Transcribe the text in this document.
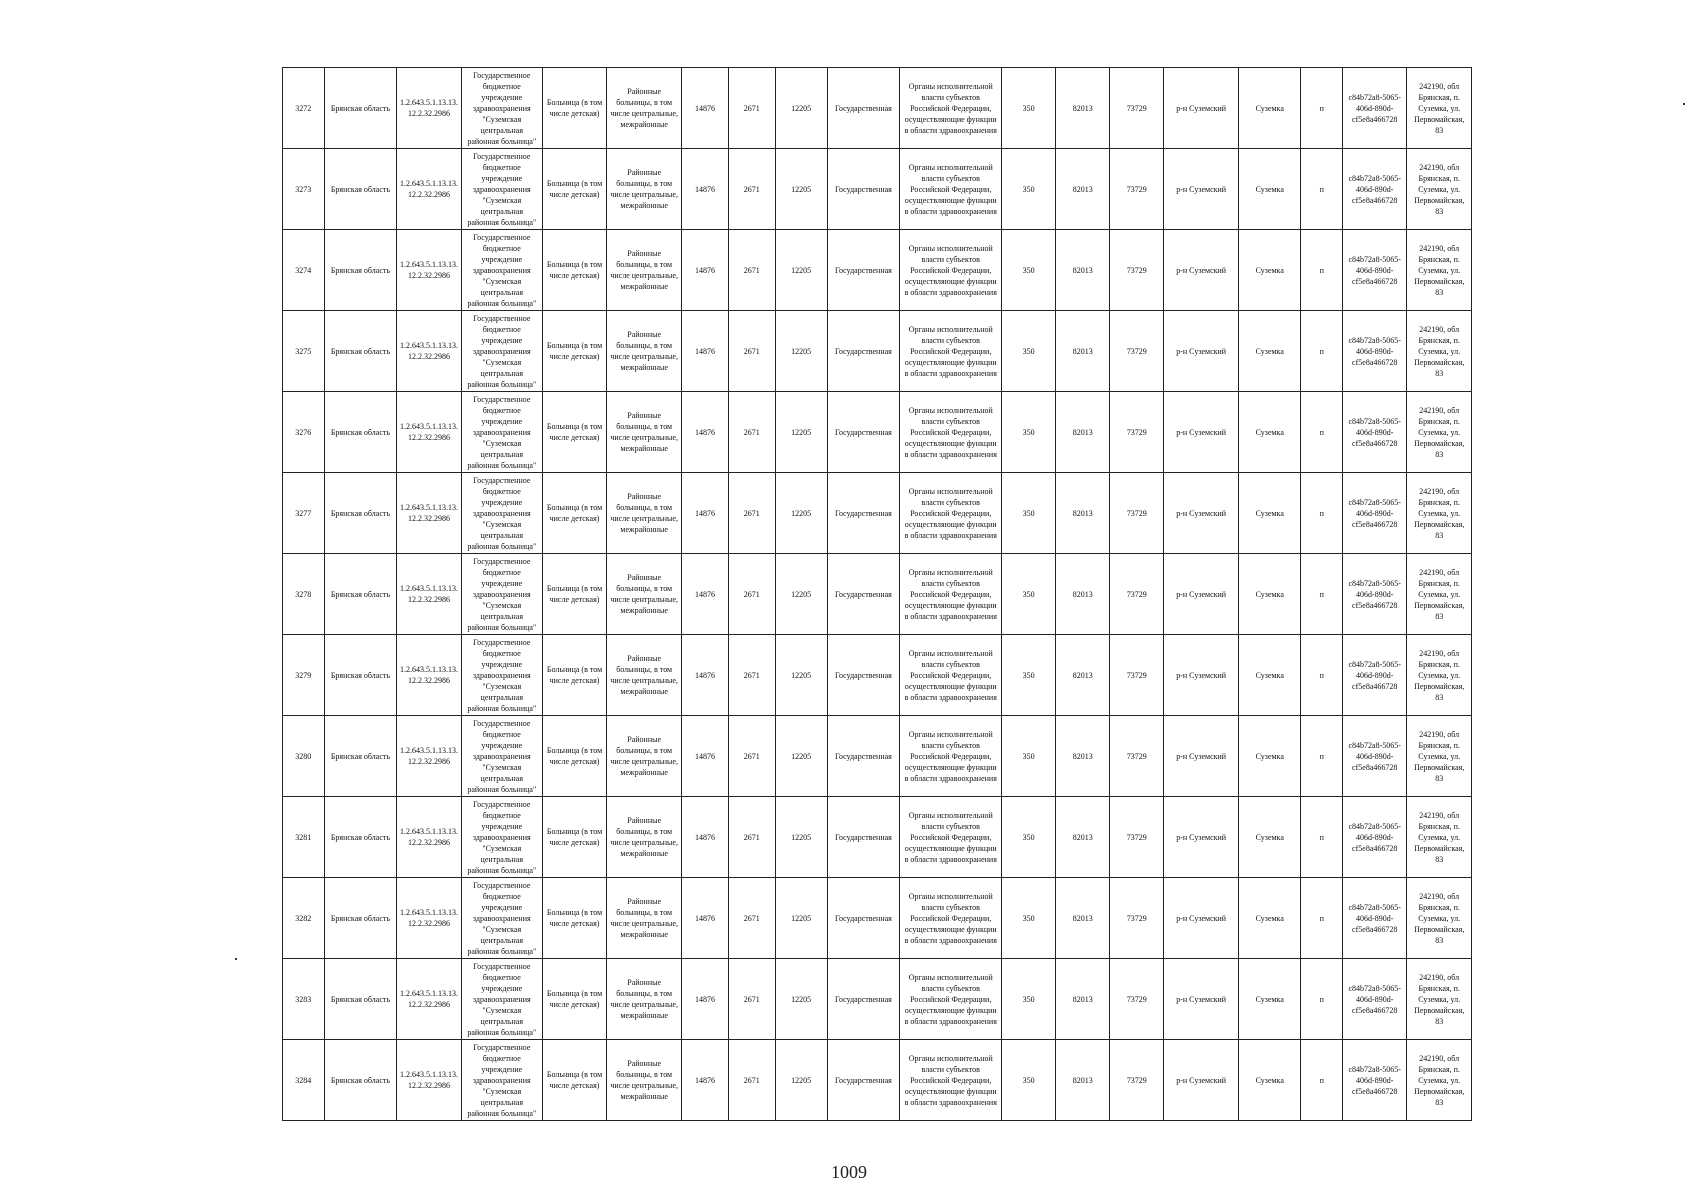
3272	Брянская область	1.2.643.5.1.13.13.12.2.32.2986	Государственное бюджетное учреждение здравоохранения "Суземская центральная районная больница"	Больница (в том числе детская)	Районные больницы, в том числе центральные, межрайонные	14876	2671	12205	Государственная	Органы исполнительной власти субъектов Российской Федерации, осуществляющие функции в области здравоохранения	350	82013	73729	р-н Суземский	Суземка	п	c84b72a8-5065-406d-890d-cf5e8a466728	242190, обл Брянская, п. Суземка, ул. Первомайская, 83
3273	Брянская область	1.2.643.5.1.13.13.12.2.32.2986	Государственное бюджетное учреждение здравоохранения "Суземская центральная районная больница"	Больница (в том числе детская)	Районные больницы, в том числе центральные, межрайонные	14876	2671	12205	Государственная	Органы исполнительной власти субъектов Российской Федерации, осуществляющие функции в области здравоохранения	350	82013	73729	р-н Суземский	Суземка	п	c84b72a8-5065-406d-890d-cf5e8a466728	242190, обл Брянская, п. Суземка, ул. Первомайская, 83
3274	Брянская область	1.2.643.5.1.13.13.12.2.32.2986	Государственное бюджетное учреждение здравоохранения "Суземская центральная районная больница"	Больница (в том числе детская)	Районные больницы, в том числе центральные, межрайонные	14876	2671	12205	Государственная	Органы исполнительной власти субъектов Российской Федерации, осуществляющие функции в области здравоохранения	350	82013	73729	р-н Суземский	Суземка	п	c84b72a8-5065-406d-890d-cf5e8a466728	242190, обл Брянская, п. Суземка, ул. Первомайская, 83
3275	Брянская область	1.2.643.5.1.13.13.12.2.32.2986	Государственное бюджетное учреждение здравоохранения "Суземская центральная районная больница"	Больница (в том числе детская)	Районные больницы, в том числе центральные, межрайонные	14876	2671	12205	Государственная	Органы исполнительной власти субъектов Российской Федерации, осуществляющие функции в области здравоохранения	350	82013	73729	р-н Суземский	Суземка	п	c84b72a8-5065-406d-890d-cf5e8a466728	242190, обл Брянская, п. Суземка, ул. Первомайская, 83
3276	Брянская область	1.2.643.5.1.13.13.12.2.32.2986	Государственное бюджетное учреждение здравоохранения "Суземская центральная районная больница"	Больница (в том числе детская)	Районные больницы, в том числе центральные, межрайонные	14876	2671	12205	Государственная	Органы исполнительной власти субъектов Российской Федерации, осуществляющие функции в области здравоохранения	350	82013	73729	р-н Суземский	Суземка	п	c84b72a8-5065-406d-890d-cf5e8a466728	242190, обл Брянская, п. Суземка, ул. Первомайская, 83
3277	Брянская область	1.2.643.5.1.13.13.12.2.32.2986	Государственное бюджетное учреждение здравоохранения "Суземская центральная районная больница"	Больница (в том числе детская)	Районные больницы, в том числе центральные, межрайонные	14876	2671	12205	Государственная	Органы исполнительной власти субъектов Российской Федерации, осуществляющие функции в области здравоохранения	350	82013	73729	р-н Суземский	Суземка	п	c84b72a8-5065-406d-890d-cf5e8a466728	242190, обл Брянская, п. Суземка, ул. Первомайская, 83
3278	Брянская область	1.2.643.5.1.13.13.12.2.32.2986	Государственное бюджетное учреждение здравоохранения "Суземская центральная районная больница"	Больница (в том числе детская)	Районные больницы, в том числе центральные, межрайонные	14876	2671	12205	Государственная	Органы исполнительной власти субъектов Российской Федерации, осуществляющие функции в области здравоохранения	350	82013	73729	р-н Суземский	Суземка	п	c84b72a8-5065-406d-890d-cf5e8a466728	242190, обл Брянская, п. Суземка, ул. Первомайская, 83
3279	Брянская область	1.2.643.5.1.13.13.12.2.32.2986	Государственное бюджетное учреждение здравоохранения "Суземская центральная районная больница"	Больница (в том числе детская)	Районные больницы, в том числе центральные, межрайонные	14876	2671	12205	Государственная	Органы исполнительной власти субъектов Российской Федерации, осуществляющие функции в области здравоохранения	350	82013	73729	р-н Суземский	Суземка	п	c84b72a8-5065-406d-890d-cf5e8a466728	242190, обл Брянская, п. Суземка, ул. Первомайская, 83
3280	Брянская область	1.2.643.5.1.13.13.12.2.32.2986	Государственное бюджетное учреждение здравоохранения "Суземская центральная районная больница"	Больница (в том числе детская)	Районные больницы, в том числе центральные, межрайонные	14876	2671	12205	Государственная	Органы исполнительной власти субъектов Российской Федерации, осуществляющие функции в области здравоохранения	350	82013	73729	р-н Суземский	Суземка	п	c84b72a8-5065-406d-890d-cf5e8a466728	242190, обл Брянская, п. Суземка, ул. Первомайская, 83
3281	Брянская область	1.2.643.5.1.13.13.12.2.32.2986	Государственное бюджетное учреждение здравоохранения "Суземская центральная районная больница"	Больница (в том числе детская)	Районные больницы, в том числе центральные, межрайонные	14876	2671	12205	Государственная	Органы исполнительной власти субъектов Российской Федерации, осуществляющие функции в области здравоохранения	350	82013	73729	р-н Суземский	Суземка	п	c84b72a8-5065-406d-890d-cf5e8a466728	242190, обл Брянская, п. Суземка, ул. Первомайская, 83
3282	Брянская область	1.2.643.5.1.13.13.12.2.32.2986	Государственное бюджетное учреждение здравоохранения "Суземская центральная районная больница"	Больница (в том числе детская)	Районные больницы, в том числе центральные, межрайонные	14876	2671	12205	Государственная	Органы исполнительной власти субъектов Российской Федерации, осуществляющие функции в области здравоохранения	350	82013	73729	р-н Суземский	Суземка	п	c84b72a8-5065-406d-890d-cf5e8a466728	242190, обл Брянская, п. Суземка, ул. Первомайская, 83
3283	Брянская область	1.2.643.5.1.13.13.12.2.32.2986	Государственное бюджетное учреждение здравоохранения "Суземская центральная районная больница"	Больница (в том числе детская)	Районные больницы, в том числе центральные, межрайонные	14876	2671	12205	Государственная	Органы исполнительной власти субъектов Российской Федерации, осуществляющие функции в области здравоохранения	350	82013	73729	р-н Суземский	Суземка	п	c84b72a8-5065-406d-890d-cf5e8a466728	242190, обл Брянская, п. Суземка, ул. Первомайская, 83
3284	Брянская область	1.2.643.5.1.13.13.12.2.32.2986	Государственное бюджетное учреждение здравоохранения "Суземская центральная районная больница"	Больница (в том числе детская)	Районные больницы, в том числе центральные, межрайонные	14876	2671	12205	Государственная	Органы исполнительной власти субъектов Российской Федерации, осуществляющие функции в области здравоохранения	350	82013	73729	р-н Суземский	Суземка	п	c84b72a8-5065-406d-890d-cf5e8a466728	242190, обл Брянская, п. Суземка, ул. Первомайская, 83
1009
